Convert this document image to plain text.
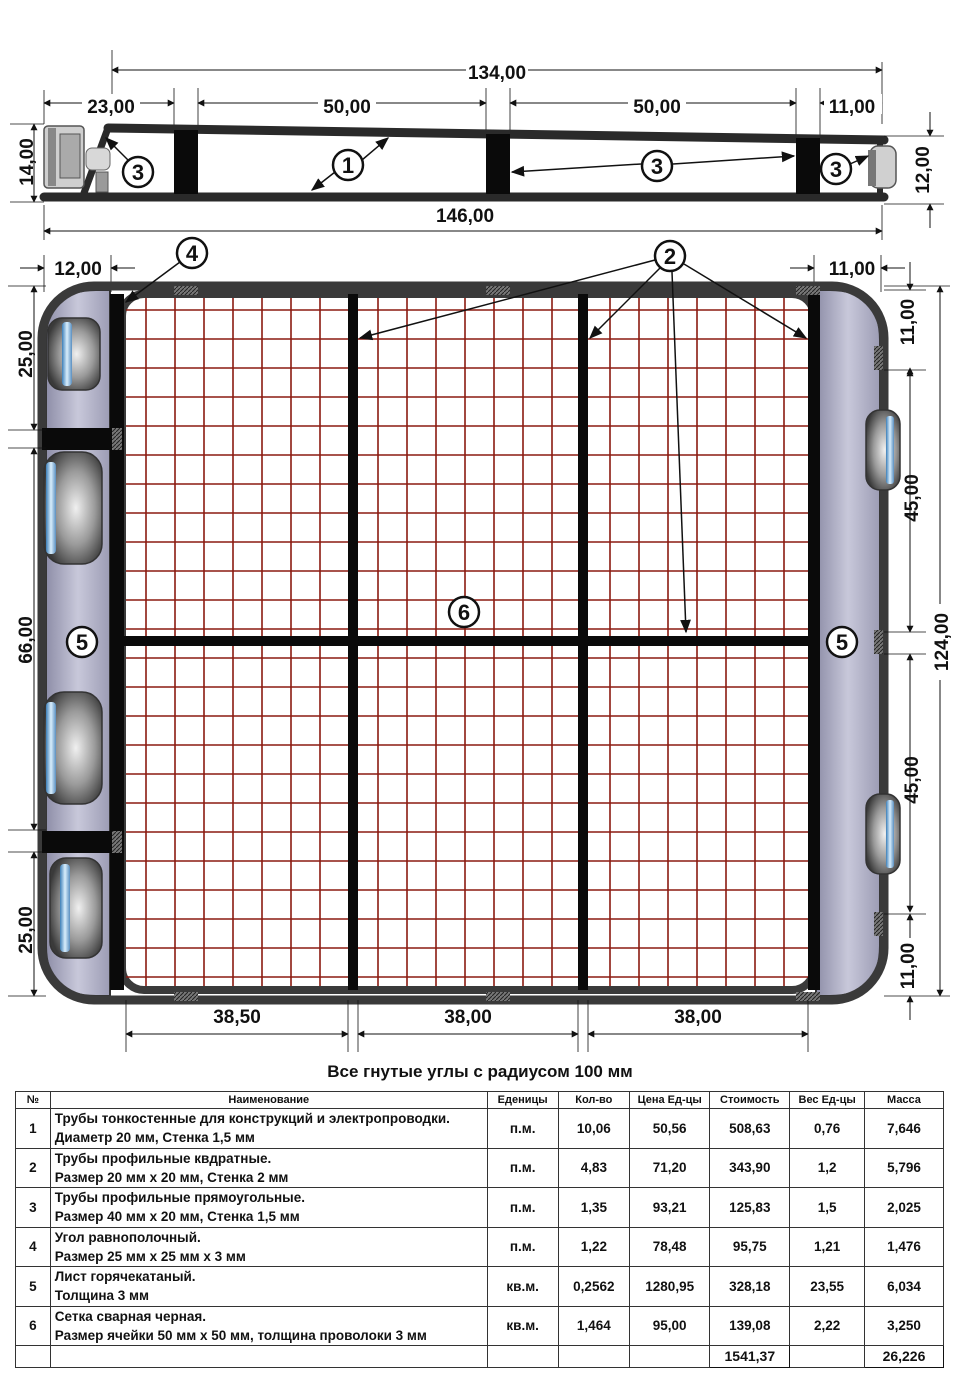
134,00
23,00	50,00	50,00	11,00
14,00	12,00
146,00
1
3	3	3
12,00	11,00
25,00
66,00
25,00
11,00
45,00
45,00
11,00
124,00
38,50	38,00	38,00
4	2
5	5
6
Все гнутые углы с радиусом 100 мм
№	Наименование	Еденицы	Кол-во	Цена Ед-цы	Стоимость	Вес Ед-цы	Масса
1	Трубы тонкостенные для конструкций и электропроводки.
Диаметр 20 мм, Стенка 1,5 мм	п.м.	10,06	50,56	508,63	0,76	7,646
2	Трубы профильные квдратные.
Размер 20 мм х 20 мм, Стенка 2 мм	п.м.	4,83	71,20	343,90	1,2	5,796
3	Трубы профильные прямоугольные.
Размер 40 мм х 20 мм, Стенка 1,5 мм	п.м.	1,35	93,21	125,83	1,5	2,025
4	Угол равнополочный.
Размер 25 мм х 25 мм х 3 мм	п.м.	1,22	78,48	95,75	1,21	1,476
5	Лист горячекатаный.
Толщина 3 мм	кв.м.	0,2562	1280,95	328,18	23,55	6,034
6	Сетка сварная черная.
Размер ячейки 50 мм х 50 мм, толщина проволоки 3 мм	кв.м.	1,464	95,00	139,08	2,22	3,250
					1541,37		26,226
